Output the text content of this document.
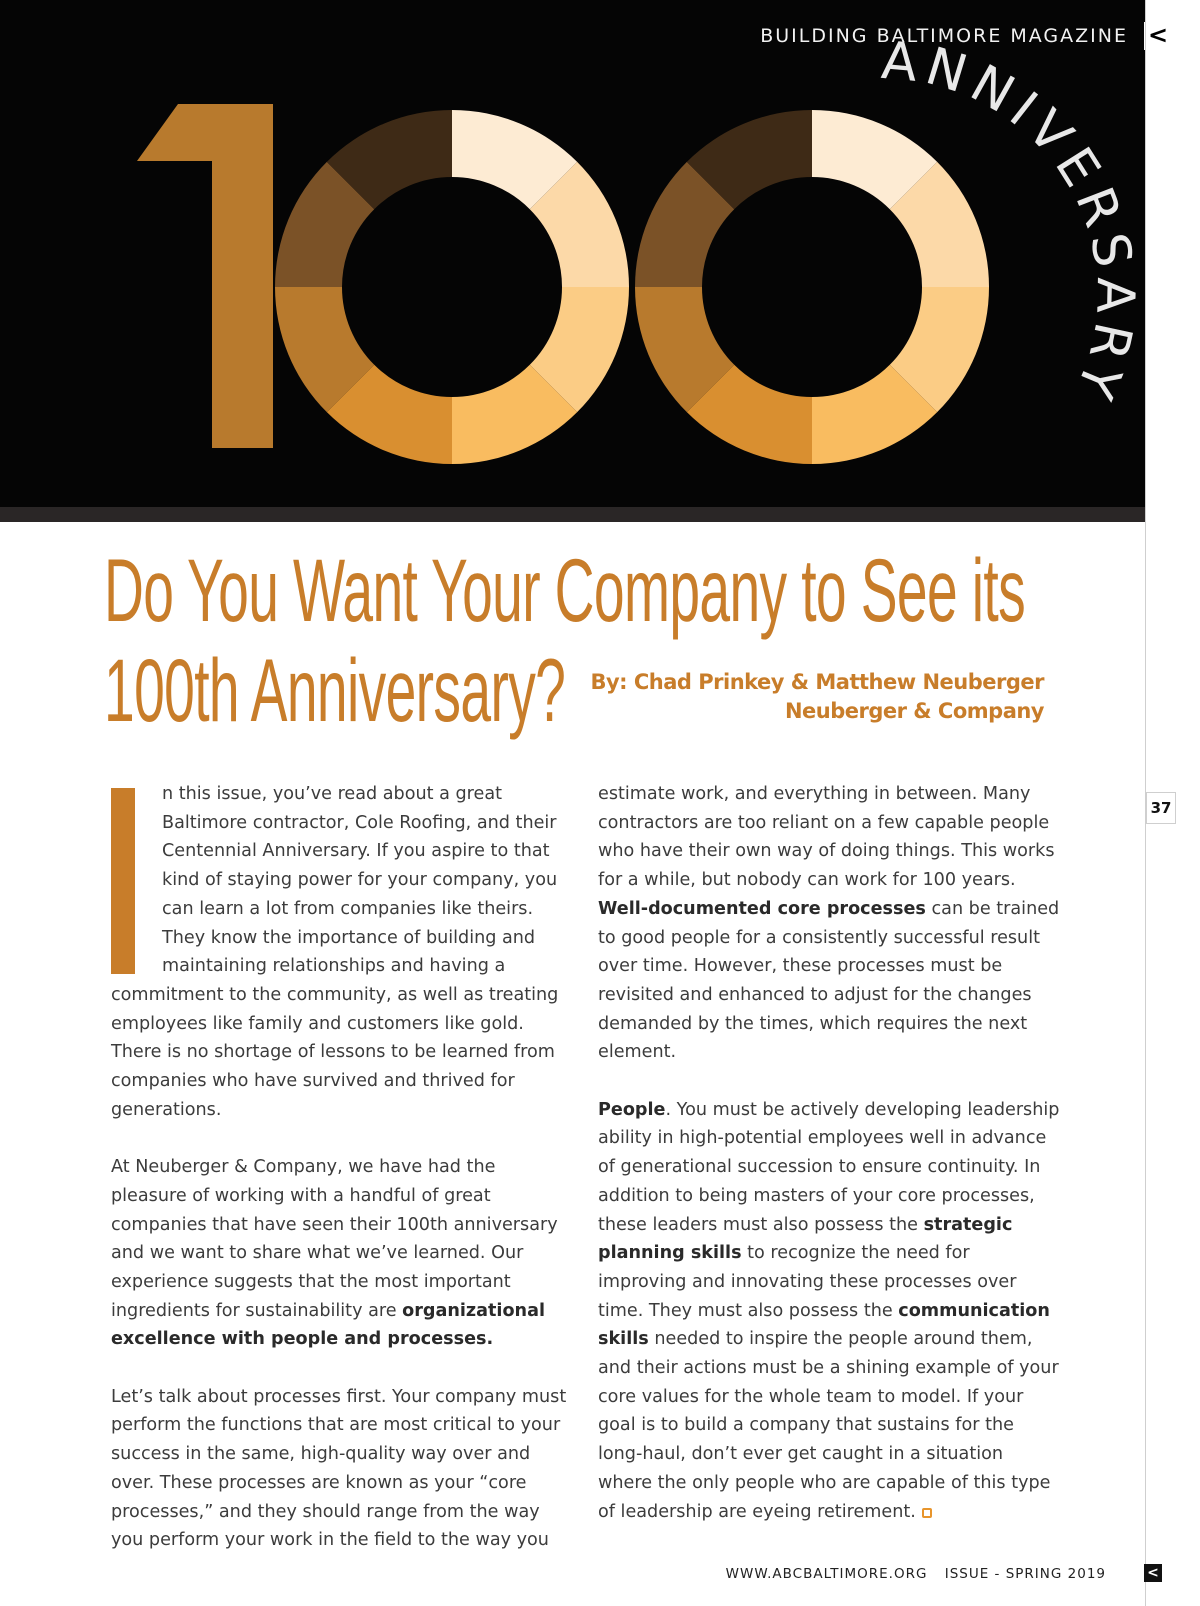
ANNIVERSARY
BUILDING BALTIMORE MAGAZINE <
37
Do You Want Your Company to See its
100th Anniversary?	By: Chad Prinkey & Matthew Neuberger
Neuberger & Company

n this issue, you’ve read about a great Baltimore contractor, Cole Roofing, and their Centennial Anniversary. If you aspire to that kind of staying power for your company, you can learn a lot from companies like theirs. They know the importance of building and maintaining relationships and having a commitment to the community, as well as treating employees like family and customers like gold. There is no shortage of lessons to be learned from companies who have survived and thrived for generations.

At Neuberger & Company, we have had the pleasure of working with a handful of great companies that have seen their 100th anniversary and we want to share what we’ve learned. Our experience suggests that the most important ingredients for sustainability are organizational excellence with people and processes.

Let’s talk about processes first. Your company must perform the functions that are most critical to your success in the same, high-quality way over and over. These processes are known as your “core processes,” and they should range from the way you perform your work in the field to the way you

estimate work, and everything in between. Many contractors are too reliant on a few capable people who have their own way of doing things. This works for a while, but nobody can work for 100 years. Well-documented core processes can be trained to good people for a consistently successful result over time. However, these processes must be revisited and enhanced to adjust for the changes demanded by the times, which requires the next element.

People. You must be actively developing leadership ability in high-potential employees well in advance of generational succession to ensure continuity. In addition to being masters of your core processes, these leaders must also possess the strategic planning skills to recognize the need for improving and innovating these processes over time. They must also possess the communication skills needed to inspire the people around them, and their actions must be a shining example of your core values for the whole team to model. If your goal is to build a company that sustains for the long-haul, don’t ever get caught in a situation where the only people who are capable of this type of leadership are eyeing retirement.

WWW.ABCBALTIMORE.ORG ISSUE - SPRING 2019	<
